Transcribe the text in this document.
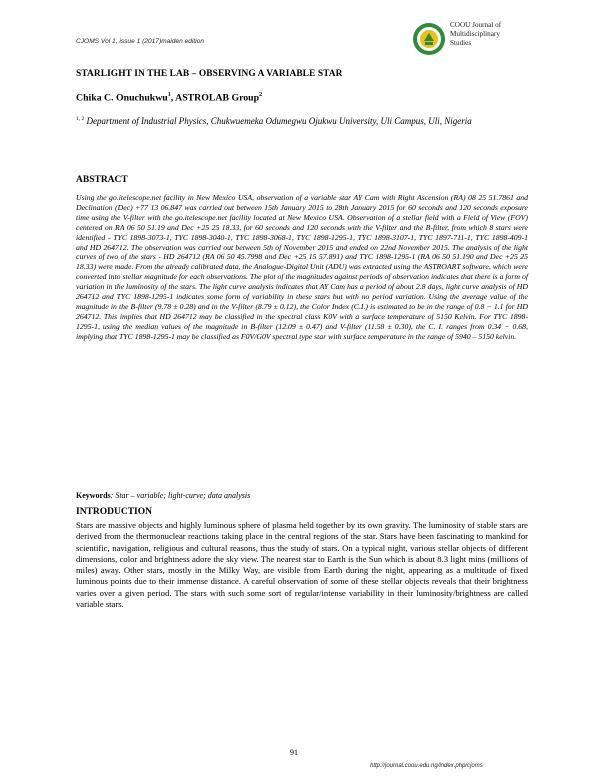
CJOMS Vol 1, issue 1 (2017)maiden edition
COOU Journal of
Multidisciplinary
Studies
STARLIGHT IN THE LAB – OBSERVING A VARIABLE STAR
Chika C. Onuchukwu$^1$, ASTROLAB Group$^2$
$^{1, 2}$ Department of Industrial Physics, Chukwuemeka Odumegwu Ojukwu University, Uli Campus, Uli, Nigeria
ABSTRACT
Using the go.itelescope.net facility in New Mexico USA, observation of a variable star AY Cam with Right Ascension (RA) 08 25 51.7861 and Declination (Dec) +77 13 06.847 was carried out between 15th January 2015 to 28th January 2015 for 60 seconds and 120 seconds exposure time using the V-filter with the go.itelescope.net facility located at New Mexico USA. Observation of a stellar field with a Field of View (FOV) centered on RA 06 50 51.19 and Dec +25 25 18.33, for 60 seconds and 120 seconds with the V-filter and the B-filter, from which 8 stars were identified - TYC 1898-3073-1, TYC 1898-3040-1, TYC 1898-3068-1, TYC 1898-1295-1, TYC 1898-3107-1, TYC 1897-711-1, TYC 1898-409-1 and HD 264712. The observation was carried out between 5th of November 2015 and ended on 22nd November 2015. The analysis of the light curves of two of the stars - HD 264712 (RA 06 50 45.7998 and Dec +25 15 57.891) and TYC 1898-1295-1 (RA 06 50 51.190 and Dec +25 25 18.33) were made. From the already calibrated data, the Analogue-Digital Unit (ADU) was extracted using the ASTROART software, which were converted into stellar magnitude for each observations. The plot of the magnitudes against periods of observation indicates that there is a form of variation in the luminosity of the stars. The light curve analysis indicates that AY Cam has a period of about 2.8 days, light curve analysis of HD 264712 and TYC 1898-1295-1 indicates some form of variability in these stars but with no period variation. Using the average value of the magnitude in the B-filter (9.78 ± 0.28) and in the V-filter (8.79 ± 0.12), the Color Index (C.I.) is estimated to be in the range of 0.8 − 1.1 for HD 264712. This implies that HD 264712 may be classified in the spectral class K0V with a surface temperature of 5150 Kelvin. For TYC 1898-1295-1, using the median values of the magnitude in B-filter (12.09 ± 0.47) and V-filter (11.58 ± 0.30), the C. I. ranges from 0.34 − 0.68, implying that TYC 1898-1295-1 may be classified as F0V/G0V spectral type star with surface temperature in the range of 5940 – 5150 kelvin.
Keywords: Star – variable; light-curve; data analysis
INTRODUCTION
Stars are massive objects and highly luminous sphere of plasma held together by its own gravity. The luminosity of stable stars are derived from the thermonuclear reactions taking place in the central regions of the star. Stars have been fascinating to mankind for scientific, navigation, religious and cultural reasons, thus the study of stars. On a typical night, various stellar objects of different dimensions, color and brightness adore the sky view. The nearest star to Earth is the Sun which is about 8.3 light mins (millions of miles) away. Other stars, mostly in the Milky Way, are visible from Earth during the night, appearing as a multitude of fixed luminous points due to their immense distance. A careful observation of some of these stellar objects reveals that their brightness varies over a given period. The stars with such some sort of regular/intense variability in their luminosity/brightness are called variable stars.
91
http://journal.coou.edu.ng/index.php/cjoms
